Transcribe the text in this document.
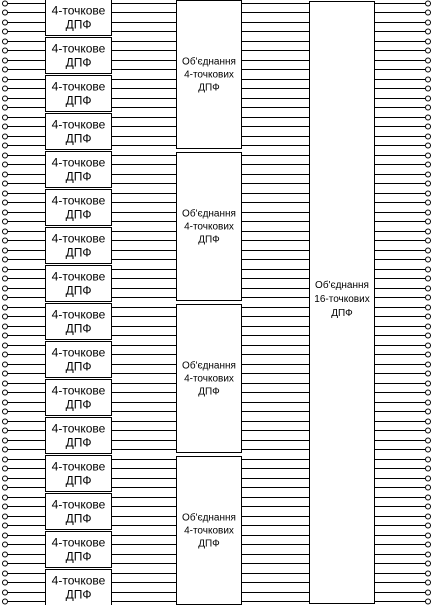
4-точкове
ДПФ
4-точкове
ДПФ
4-точкове
ДПФ
4-точкове
ДПФ
4-точкове
ДПФ
4-точкове
ДПФ
4-точкове
ДПФ
4-точкове
ДПФ
4-точкове
ДПФ
4-точкове
ДПФ
4-точкове
ДПФ
4-точкове
ДПФ
4-точкове
ДПФ
4-точкове
ДПФ
4-точкове
ДПФ
4-точкове
ДПФ
Об'єднання
4-точкових
ДПФ
Об'єднання
4-точкових
ДПФ
Об'єднання
4-точкових
ДПФ
Об'єднання
4-точкових
ДПФ
Об'єднання
16-точкових
ДПФ
